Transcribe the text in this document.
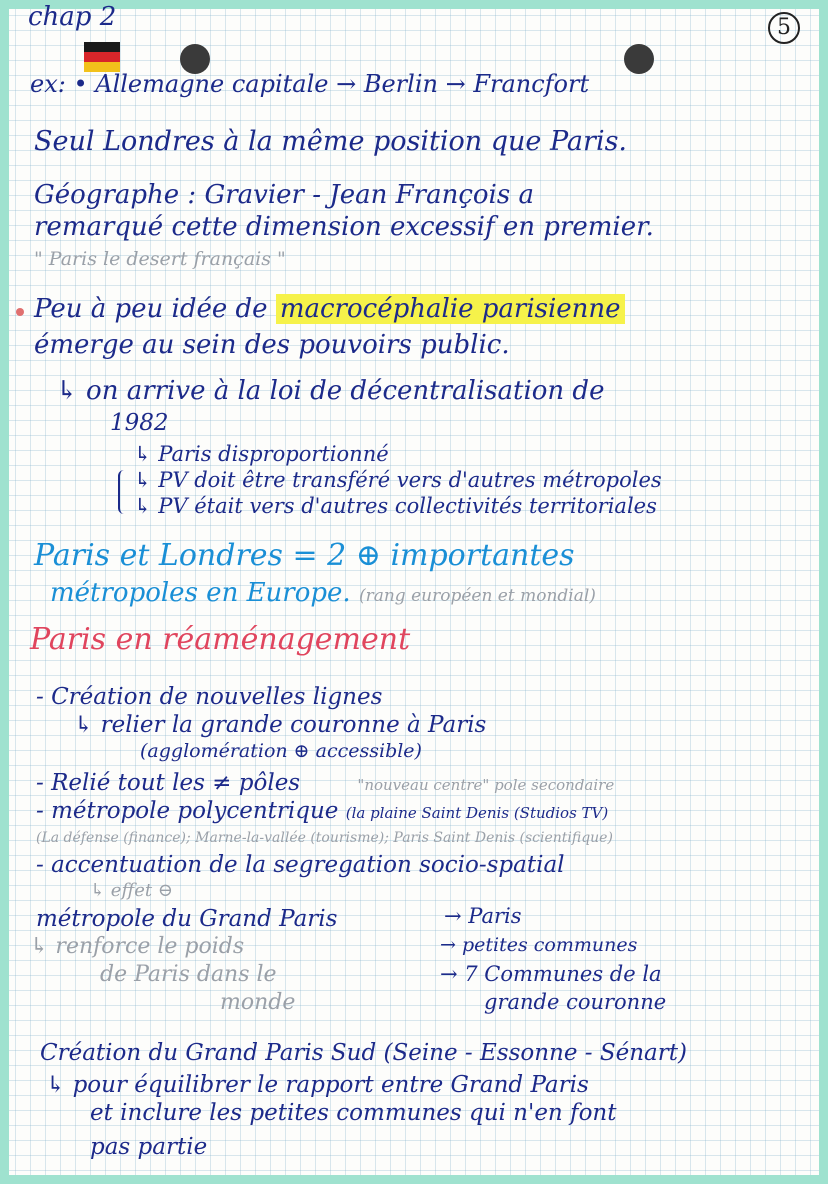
chap 2	5
ex: • Allemagne capitale → Berlin → Francfort
Seul Londres à la même position que Paris.
Géographe : Gravier - Jean François a
remarqué cette dimension excessif en premier.
" Paris le desert français "
Peu à peu idée de macrocéphalie parisienne
émerge au sein des pouvoirs public.
↳ on arrive à la loi de décentralisation de
1982
↳ Paris disproportionné
↳ PV doit être transféré vers d'autres métropoles
↳ PV était vers d'autres collectivités territoriales
Paris et Londres = 2 ⊕ importantes
métropoles en Europe. (rang européen et mondial)
Paris en réaménagement
- Création de nouvelles lignes
↳ relier la grande couronne à Paris
(agglomération ⊕ accessible)
- Relié tout les ≠ pôles	"nouveau centre" pole secondaire
- métropole polycentrique (la plaine Saint Denis (Studios TV)
(La défense (finance); Marne-la-vallée (tourisme); Paris Saint Denis (scientifique)
- accentuation de la segregation socio-spatial
↳ effet ⊖
métropole du Grand Paris	→ Paris
↳ renforce le poids	→ petites communes
de Paris dans le	→ 7 Communes de la
monde	grande couronne
Création du Grand Paris Sud (Seine - Essonne - Sénart)
↳ pour équilibrer le rapport entre Grand Paris
et inclure les petites communes qui n'en font
pas partie
